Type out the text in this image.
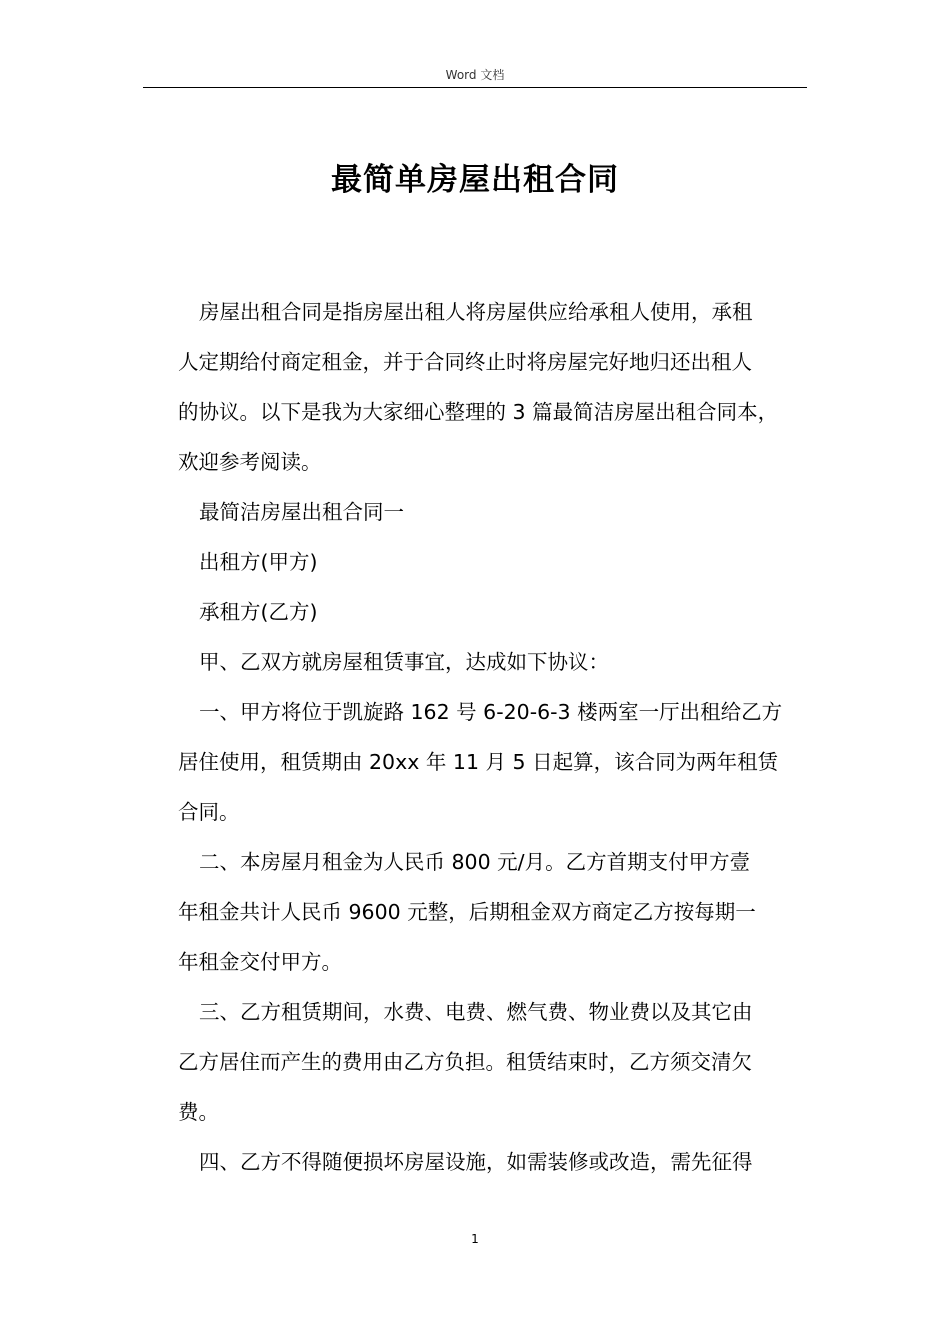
Word 文档
最简单房屋出租合同
房屋出租合同是指房屋出租人将房屋供应给承租人使用，承租
人定期给付商定租金，并于合同终止时将房屋完好地归还出租人
的协议。以下是我为大家细心整理的 3 篇最简洁房屋出租合同本，
欢迎参考阅读。
最简洁房屋出租合同一
出租方(甲方)
承租方(乙方)
甲、乙双方就房屋租赁事宜，达成如下协议：
一、甲方将位于凯旋路 162 号 6-20-6-3 楼两室一厅出租给乙方
居住使用，租赁期由 20xx 年 11 月 5 日起算，该合同为两年租赁
合同。
二、本房屋月租金为人民币 800 元/月。乙方首期支付甲方壹
年租金共计人民币 9600 元整，后期租金双方商定乙方按每期一
年租金交付甲方。
三、乙方租赁期间，水费、电费、燃气费、物业费以及其它由
乙方居住而产生的费用由乙方负担。租赁结束时，乙方须交清欠
费。
四、乙方不得随便损坏房屋设施，如需装修或改造，需先征得
1
